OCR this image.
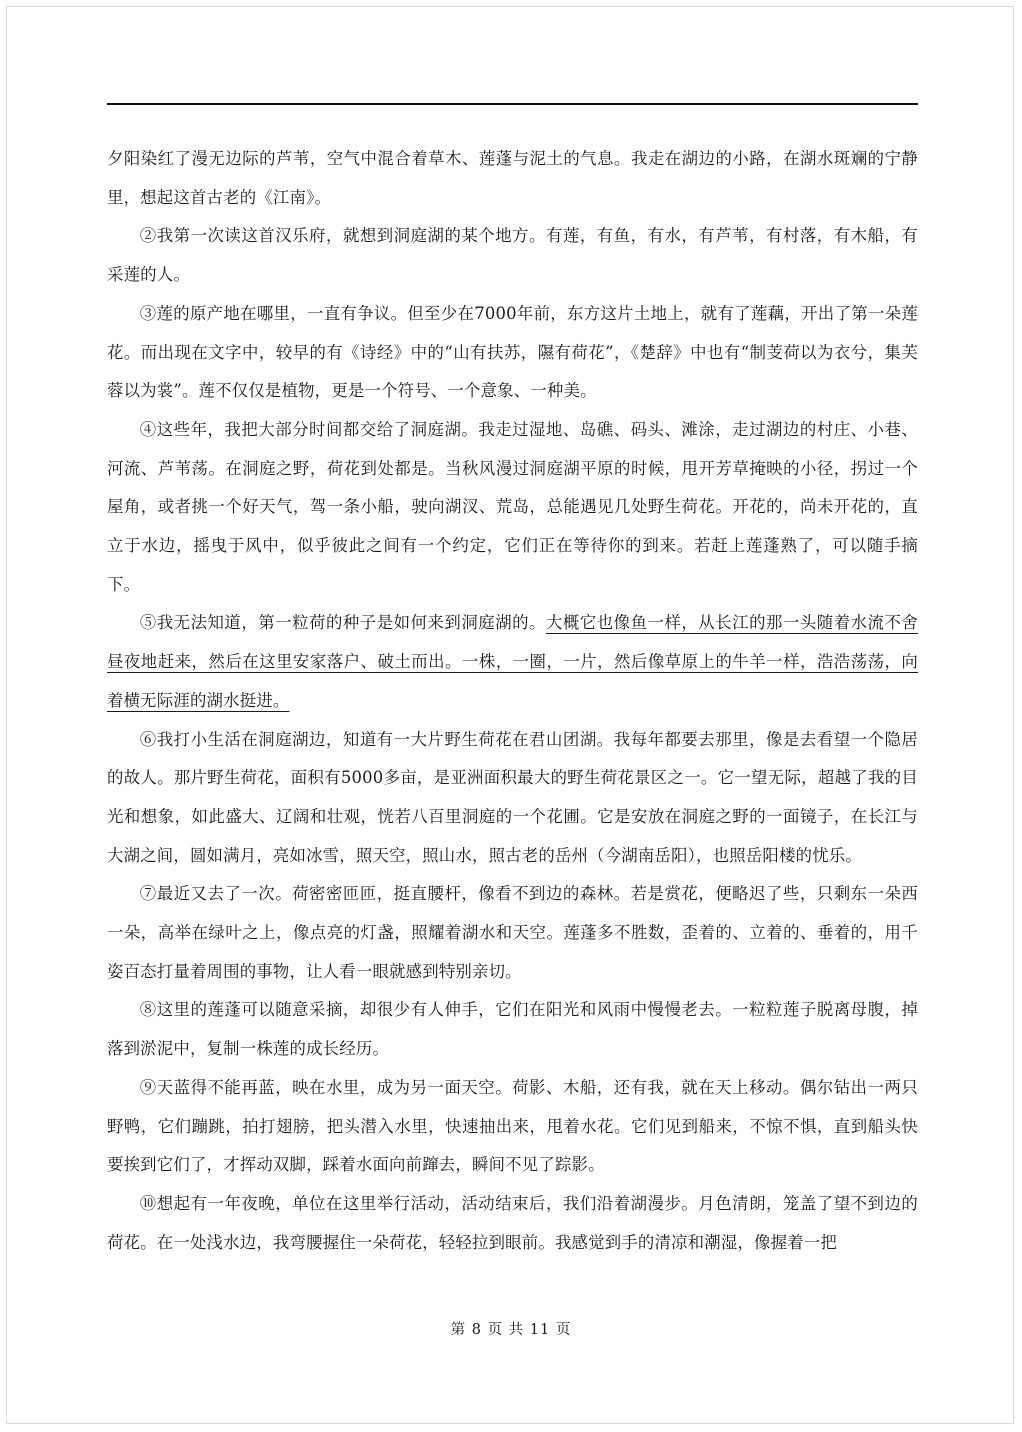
夕阳染红了漫无边际的芦苇，空气中混合着草木、莲蓬与泥土的气息。我走在湖边的小路，在湖水斑斓的宁静里，想起这首古老的《江南》。

②我第一次读这首汉乐府，就想到洞庭湖的某个地方。有莲，有鱼，有水，有芦苇，有村落，有木船，有采莲的人。

③莲的原产地在哪里，一直有争议。但至少在7000年前，东方这片土地上，就有了莲藕，开出了第一朵莲花。而出现在文字中，较早的有《诗经》中的“山有扶苏，隰有荷花”，《楚辞》中也有“制芰荷以为衣兮，集芙蓉以为裳”。莲不仅仅是植物，更是一个符号、一个意象、一种美。

④这些年，我把大部分时间都交给了洞庭湖。我走过湿地、岛礁、码头、滩涂，走过湖边的村庄、小巷、河流、芦苇荡。在洞庭之野，荷花到处都是。当秋风漫过洞庭湖平原的时候，甩开芳草掩映的小径，拐过一个屋角，或者挑一个好天气，驾一条小船，驶向湖汊、荒岛，总能遇见几处野生荷花。开花的，尚未开花的，直立于水边，摇曳于风中，似乎彼此之间有一个约定，它们正在等待你的到来。若赶上莲蓬熟了，可以随手摘下。

⑤我无法知道，第一粒荷的种子是如何来到洞庭湖的。大概它也像鱼一样，从长江的那一头随着水流不舍昼夜地赶来，然后在这里安家落户、破土而出。一株，一圈，一片，然后像草原上的牛羊一样，浩浩荡荡，向着横无际涯的湖水挺进。

⑥我打小生活在洞庭湖边，知道有一大片野生荷花在君山团湖。我每年都要去那里，像是去看望一个隐居的故人。那片野生荷花，面积有5000多亩，是亚洲面积最大的野生荷花景区之一。它一望无际，超越了我的目光和想象，如此盛大、辽阔和壮观，恍若八百里洞庭的一个花圃。它是安放在洞庭之野的一面镜子，在长江与大湖之间，圆如满月，亮如冰雪，照天空，照山水，照古老的岳州（今湖南岳阳），也照岳阳楼的忧乐。

⑦最近又去了一次。荷密密匝匝，挺直腰杆，像看不到边的森林。若是赏花，便略迟了些，只剩东一朵西一朵，高举在绿叶之上，像点亮的灯盏，照耀着湖水和天空。莲蓬多不胜数，歪着的、立着的、垂着的，用千姿百态打量着周围的事物，让人看一眼就感到特别亲切。

⑧这里的莲蓬可以随意采摘，却很少有人伸手，它们在阳光和风雨中慢慢老去。一粒粒莲子脱离母腹，掉落到淤泥中，复制一株莲的成长经历。

⑨天蓝得不能再蓝，映在水里，成为另一面天空。荷影、木船，还有我，就在天上移动。偶尔钻出一两只野鸭，它们蹦跳，拍打翅膀，把头潜入水里，快速抽出来，甩着水花。它们见到船来，不惊不惧，直到船头快要挨到它们了，才挥动双脚，踩着水面向前蹿去，瞬间不见了踪影。

⑩想起有一年夜晚，单位在这里举行活动，活动结束后，我们沿着湖漫步。月色清朗，笼盖了望不到边的荷花。在一处浅水边，我弯腰握住一朵荷花，轻轻拉到眼前。我感觉到手的清凉和潮湿，像握着一把

第 8 页 共 11 页
